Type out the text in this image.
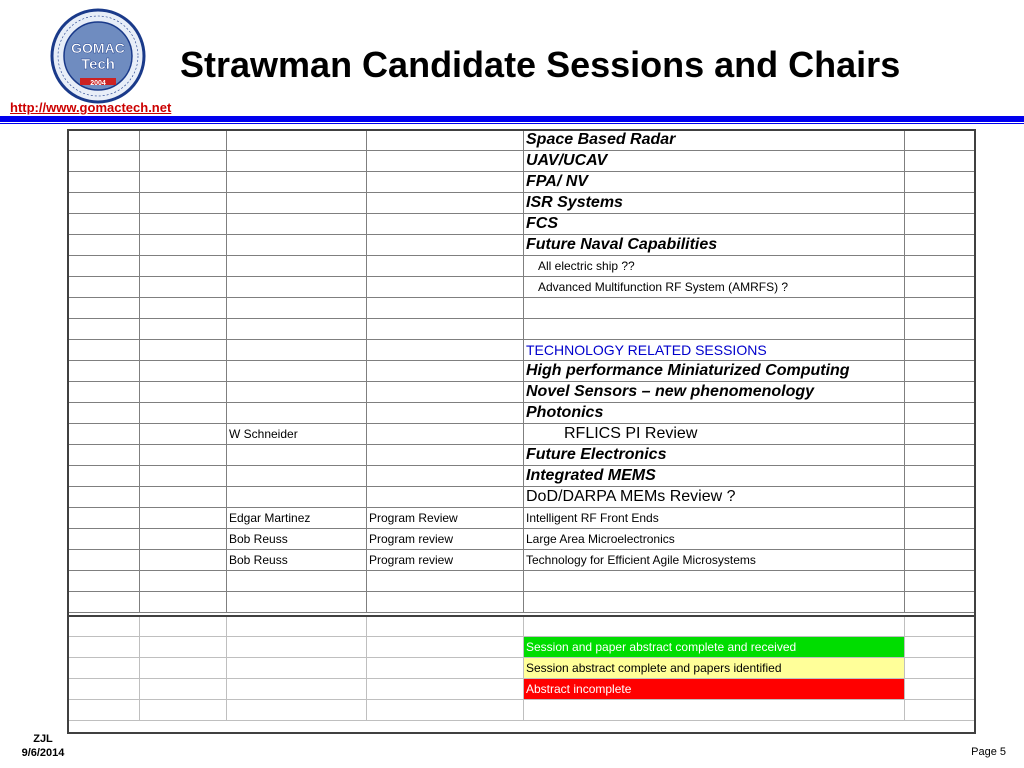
GOMAC
Tech
2004 Strawman Candidate Sessions and Chairs
http://www.gomactech.net
				Space Based Radar	
				UAV/UCAV	
				FPA/ NV	
				ISR Systems	
				FCS	
				Future Naval Capabilities	
				All electric ship ??	
				Advanced Multifunction RF System (AMRFS) ?	

				TECHNOLOGY RELATED SESSIONS	
				High performance Miniaturized Computing	
				Novel Sensors – new phenomenology	
				Photonics	
		W Schneider		RFLICS PI Review	
				Future Electronics	
				Integrated MEMS	
				DoD/DARPA MEMs Review ?	
		Edgar Martinez	Program Review	Intelligent RF Front Ends	
		Bob Reuss	Program review	Large Area Microelectronics	
		Bob Reuss	Program review	Technology for Efficient Agile Microsystems	

				Session and paper abstract complete and received	
				Session abstract complete and papers identified	
				Abstract incomplete	

ZJL
9/6/2014	Page 5
